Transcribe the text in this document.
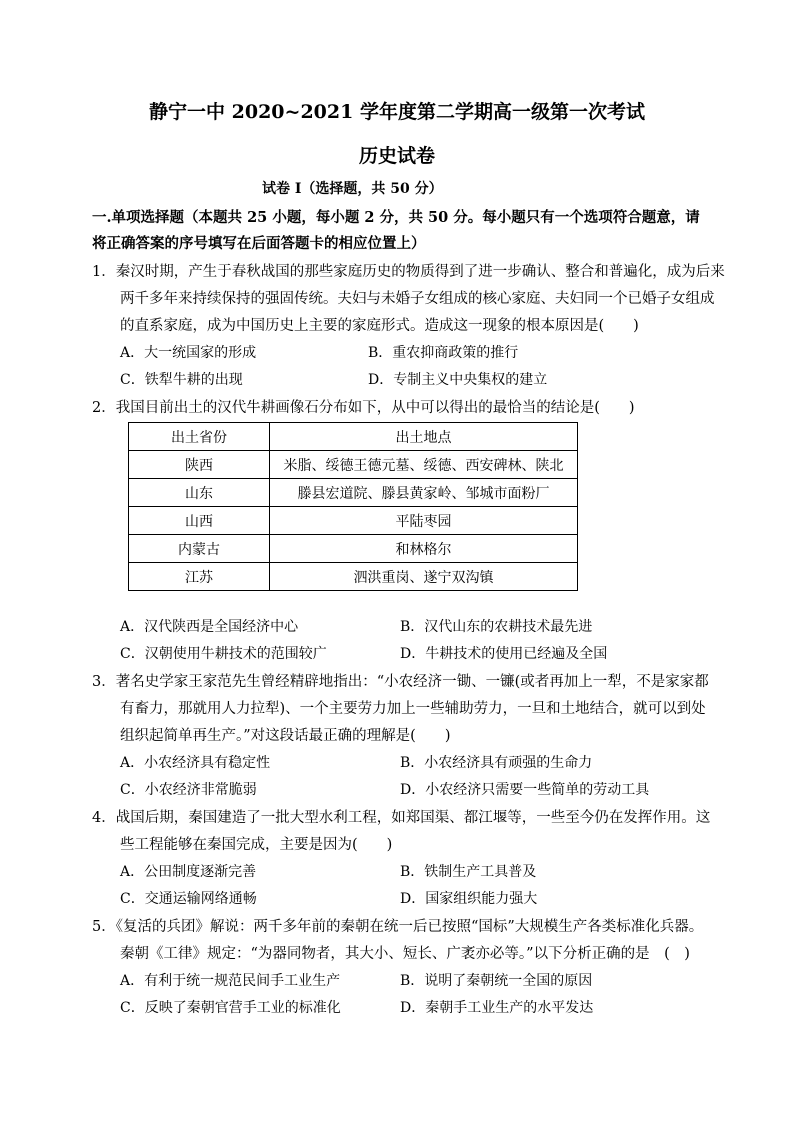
静宁一中 2020~2021 学年度第二学期高一级第一次考试
历史试卷
试卷 I（选择题，共 50 分）
一.单项选择题（本题共 25 小题，每小题 2 分，共 50 分。每小题只有一个选项符合题意，请将正确答案的序号填写在后面答题卡的相应位置上）
1．秦汉时期，产生于春秋战国的那些家庭历史的物质得到了进一步确认、整合和普遍化，成为后来
两千多年来持续保持的强固传统。夫妇与未婚子女组成的核心家庭、夫妇同一个已婚子女组成
的直系家庭，成为中国历史上主要的家庭形式。造成这一现象的根本原因是(　　)
A．大一统国家的形成	B．重农抑商政策的推行
C．铁犁牛耕的出现	D．专制主义中央集权的建立
2．我国目前出土的汉代牛耕画像石分布如下，从中可以得出的最恰当的结论是(　　)
出土省份	出土地点
陕西	米脂、绥德王德元墓、绥德、西安碑林、陕北
山东	滕县宏道院、滕县黄家岭、邹城市面粉厂
山西	平陆枣园
内蒙古	和林格尔
江苏	泗洪重岗、遂宁双沟镇
A．汉代陕西是全国经济中心	B．汉代山东的农耕技术最先进
C．汉朝使用牛耕技术的范围较广	D．牛耕技术的使用已经遍及全国
3．著名史学家王家范先生曾经精辟地指出：“小农经济一锄、一镰(或者再加上一犁，不是家家都
有畜力，那就用人力拉犁)、一个主要劳力加上一些辅助劳力，一旦和土地结合，就可以到处
组织起简单再生产。”对这段话最正确的理解是(　　)
A．小农经济具有稳定性	B．小农经济具有顽强的生命力
C．小农经济非常脆弱	D．小农经济只需要一些简单的劳动工具
4．战国后期，秦国建造了一批大型水利工程，如郑国渠、都江堰等，一些至今仍在发挥作用。这
些工程能够在秦国完成，主要是因为(　　)
A．公田制度逐渐完善	B．铁制生产工具普及
C．交通运输网络通畅	D．国家组织能力强大
5．《复活的兵团》解说：两千多年前的秦朝在统一后已按照“国标”大规模生产各类标准化兵器。
秦朝《工律》规定：“为器同物者，其大小、短长、广袤亦必等。”以下分析正确的是　(　)
A．有利于统一规范民间手工业生产	B．说明了秦朝统一全国的原因
C．反映了秦朝官营手工业的标准化	D．秦朝手工业生产的水平发达
